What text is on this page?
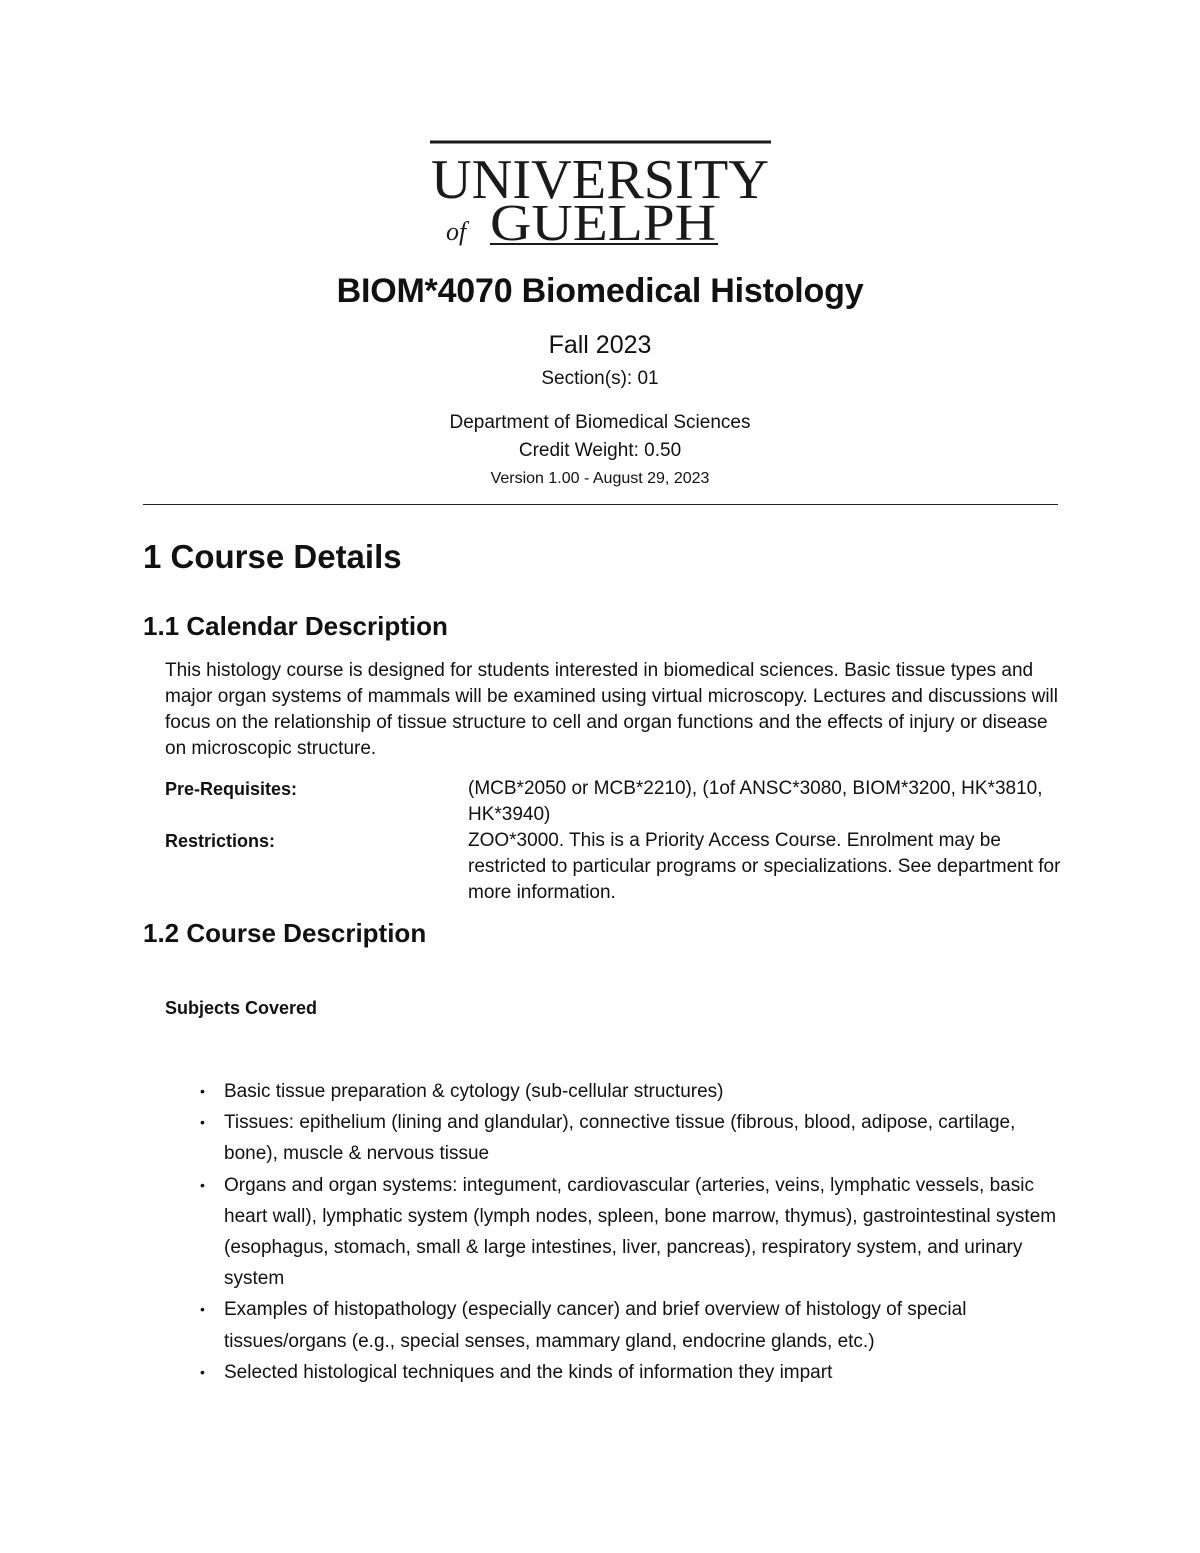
UNIVERSITY
of GUELPH
BIOM*4070 Biomedical Histology
Fall 2023
Section(s): 01
Department of Biomedical Sciences
Credit Weight: 0.50
Version 1.00 - August 29, 2023
1 Course Details
1.1 Calendar Description
This histology course is designed for students interested in biomedical sciences. Basic tissue types and major organ systems of mammals will be examined using virtual microscopy. Lectures and discussions will focus on the relationship of tissue structure to cell and organ functions and the effects of injury or disease on microscopic structure.
Pre-Requisites:	(MCB*2050 or MCB*2210), (1of ANSC*3080, BIOM*3200, HK*3810, HK*3940)
Restrictions:	ZOO*3000. This is a Priority Access Course. Enrolment may be restricted to particular programs or specializations. See department for more information.
1.2 Course Description
Subjects Covered
• Basic tissue preparation & cytology (sub-cellular structures)
• Tissues: epithelium (lining and glandular), connective tissue (fibrous, blood, adipose, cartilage, bone), muscle & nervous tissue
• Organs and organ systems: integument, cardiovascular (arteries, veins, lymphatic vessels, basic heart wall), lymphatic system (lymph nodes, spleen, bone marrow, thymus), gastrointestinal system (esophagus, stomach, small & large intestines, liver, pancreas), respiratory system, and urinary system
• Examples of histopathology (especially cancer) and brief overview of histology of special tissues/organs (e.g., special senses, mammary gland, endocrine glands, etc.)
• Selected histological techniques and the kinds of information they impart
